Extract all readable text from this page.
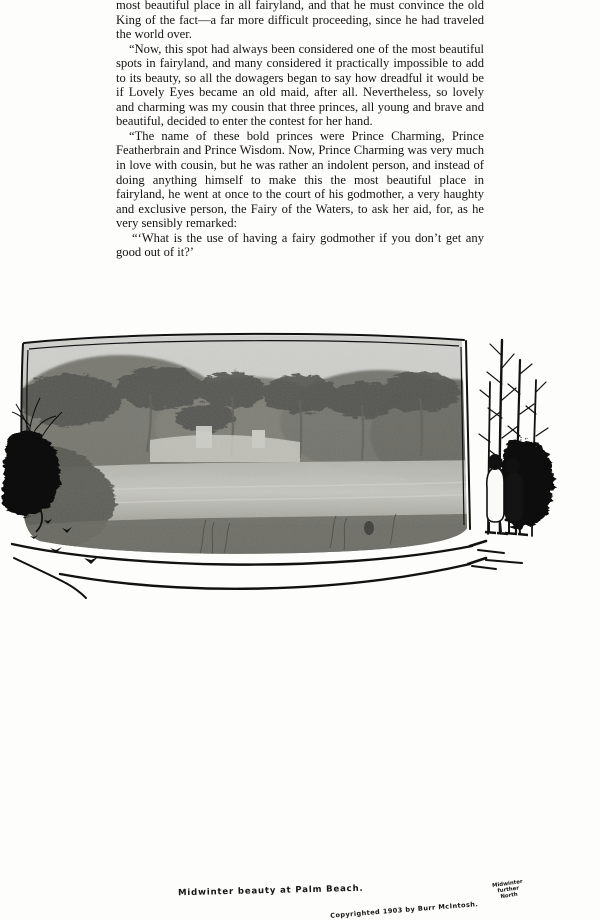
most beautiful place in all fairyland, and that he must convince the old King of the fact—a far more difficult proceeding, since he had traveled the world over.

“Now, this spot had always been considered one of the most beautiful spots in fairyland, and many considered it practically impossible to add to its beauty, so all the dowagers began to say how dreadful it would be if Lovely Eyes became an old maid, after all. Nevertheless, so lovely and charming was my cousin that three princes, all young and brave and beautiful, decided to enter the contest for her hand.

“The name of these bold princes were Prince Charming, Prince Featherbrain and Prince Wisdom. Now, Prince Charming was very much in love with cousin, but he was rather an indolent person, and instead of doing anything himself to make this the most beautiful place in fairyland, he went at once to the court of his godmother, a very haughty and exclusive person, the Fairy of the Waters, to ask her aid, for, as he very sensibly remarked:

“‘What is the use of having a fairy godmother if you don’t get any good out of it?’

Midwinter beauty at Palm Beach.
Copyrighted 1903 by Burr McIntosh.
Midwinter
further
North
